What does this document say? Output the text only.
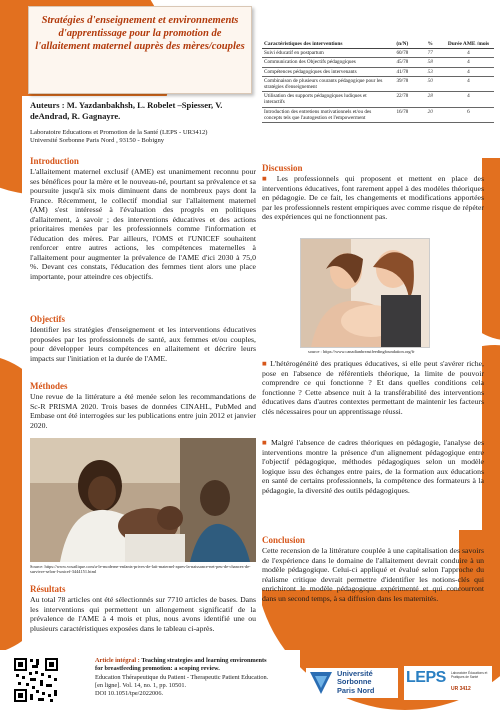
Stratégies d'enseignement et environnements d'apprentissage pour la promotion de l'allaitement maternel auprès des mères/couples
Auteurs : M. Yazdanbakhsh, L. Robelet –Spiesser, V. deAndrad, R. Gagnayre.
Laboratoire Educations et Promotion de la Santé (LEPS - UR3412)
Université Sorbonne Paris Nord , 93150 - Bobigny
Introduction

L'allaitement maternel exclusif (AME) est unanimement reconnu pour ses bénéfices pour la mère et le nouveau-né, pourtant sa prévalence et sa poursuite jusqu'à six mois diminuent dans de nombreux pays dont la France. Récemment, le collectif mondial sur l'allaitement maternel (AM) s'est intéressé à l'évaluation des progrès en politiques d'allaitement, à savoir ; des interventions éducatives et des actions prioritaires menées par les professionnels comme l'information et l'éducation des mères. Par ailleurs, l'OMS et l'UNICEF souhaitent renforcer entre autres actions, les compétences maternelles à l'allaitement pour augmenter la prévalence de l'AME d'ici 2030 à 75,0 %. Devant ces constats, l'éducation des femmes tient alors une place importante, pour atteindre ces objectifs.

Objectifs

Identifier les stratégies d'enseignement et les interventions éducatives proposées par les professionnels de santé, aux femmes et/ou couples, pour développer leurs compétences en allaitement et décrire leurs impacts sur l'initiation et la durée de l'AME.

Méthodes

Une revue de la littérature a été menée selon les recommandations de Sc-R PRISMA 2020. Trois bases de données CINAHL, PubMed and Embase ont été interrogées sur les publications entre juin 2012 et janvier 2020.

Source: https://www.vosatlique.com/a-le-moderne-enfants-prives-de-lait-maternel-apres-la-naissance-net-peu-de-chances-de-survivre-selon-l-unicef-3444151.html
Résultats

Au total 78 articles ont été sélectionnés sur 7710 articles de bases. Dans les interventions qui permettent un allongement significatif de la prévalence de l'AME à 4 mois et plus, nous avons identifié une ou plusieurs caractéristiques exposées dans le tableau ci-après.

Article intégral : Teaching strategies and learning environments for breastfeeding promotion: a scoping review.
Education Thérapeutique du Patient - Therapeutic Patient Education. [en ligne]. Vol. 14, no. 1, pp. 10501.
DOI 10.1051/tpe/2022006.
Université
Sorbonne
Paris Nord
LEPS Laboratoire Éducations et Pratiques de Santé
UR 3412
Caractéristiques des interventions	(n/N)	%	Durée AME /mois
Suivi éducatif en postpartum	60/78	77	4
Communication des Objectifs pédagogiques	45/78	58	4
Compétences pédagogiques des intervenants	41/78	53	4
Combinaison de plusieurs courants pédagogique pour les stratégies d'enseignement	39/78	50	4
Utilisation des supports pédagogiques ludiques et interactifs	22/78	28	4
Introduction des entretiens motivationnels et/ou des concepts tels que l'autogestion et l'empowerment	16/78	20	6
Discussion

■ Les professionnels qui proposent et mettent en place des interventions éducatives, font rarement appel à des modèles théoriques en pédagogie. De ce fait, les changements et modifications apportées par les professionnels restent empiriques avec comme risque de répéter des expériences qui ne fonctionnent pas.

source : https://www.canadianbreastfeedingfoundation.org/fr

■ L'hétérogénéité des pratiques éducatives, si elle peut s'avérer riche, pose en l'absence de référentiels théorique, la limite de pouvoir comprendre ce qui fonctionne ? Et dans quelles conditions cela fonctionne ? Cette absence nuit à la transférabilité des interventions éducatives dans d'autres contextes permettant de maintenir les facteurs clés nécessaires pour un apprentissage réussi.

■ Malgré l'absence de cadres théoriques en pédagogie, l'analyse des interventions montre la présence d'un alignement pédagogique entre l'objectif pédagogique, méthodes pédagogiques selon un modèle logique issu des échanges entre pairs, de la formation aux éducations en santé de certains professionnels, la compétence des formateurs à la pédagogie, la diversité des outils pédagogiques.

Conclusion

Cette recension de la littérature couplée à une capitalisation des savoirs de l'expérience dans le domaine de l'allaitement devrait conduire à un modèle pédagogique. Celui-ci appliqué et évalué selon l'approche du réalisme critique devrait permettre d'identifier les notions-clés qui enrichiront le modèle pédagogique expérimenté et qui concourront dans un second temps, à sa diffusion dans les maternités.
